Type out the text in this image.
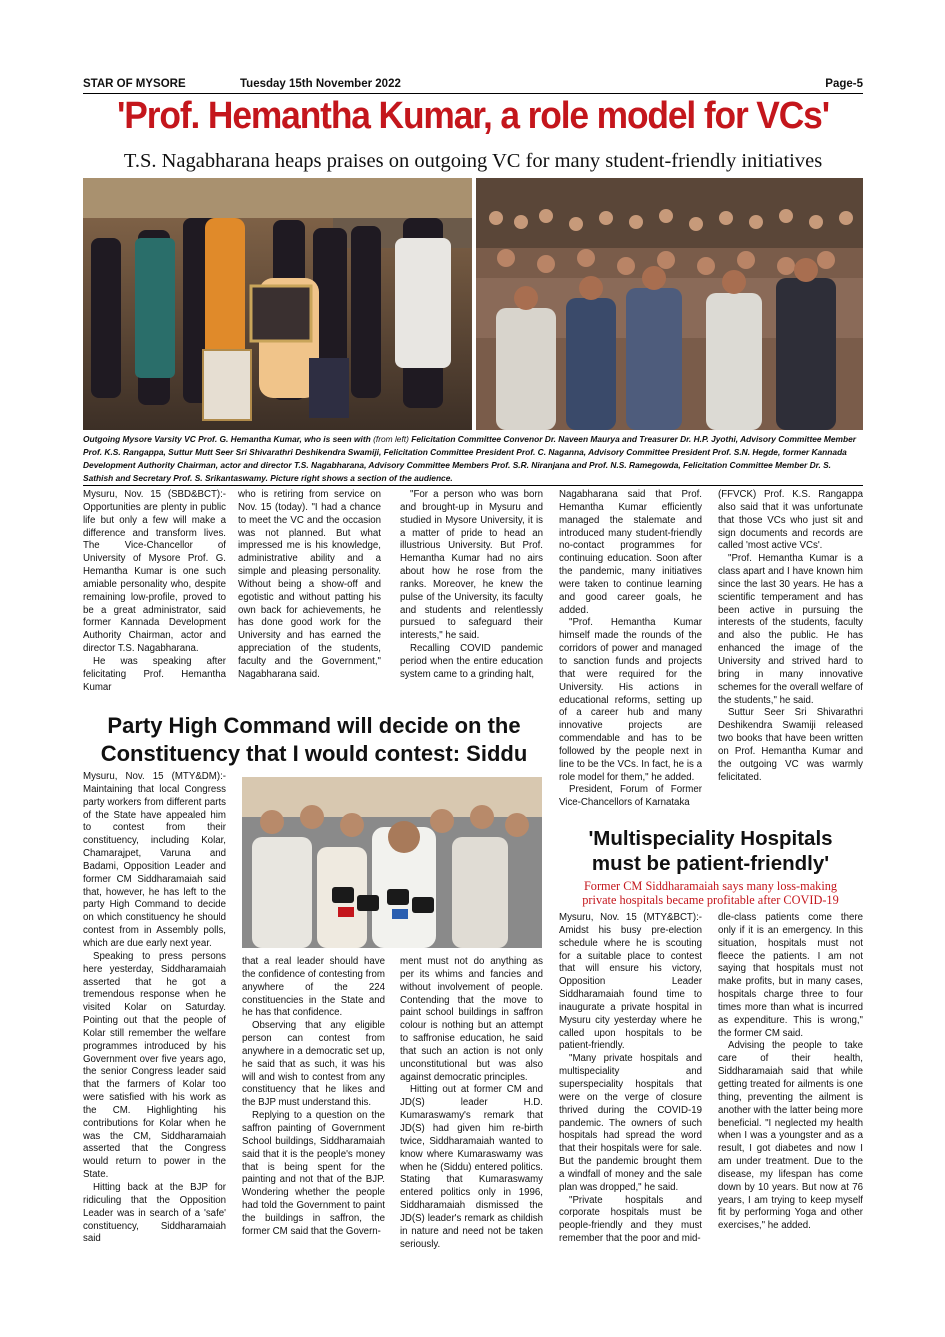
STAR OF MYSORE	Tuesday 15th November 2022	Page-5
'Prof. Hemantha Kumar, a role model for VCs'
T.S. Nagabharana heaps praises on outgoing VC for many student-friendly initiatives
Outgoing Mysore Varsity VC Prof. G. Hemantha Kumar, who is seen with (from left) Felicitation Committee Convenor Dr. Naveen Maurya and Treasurer Dr. H.P. Jyothi, Advisory Committee Member Prof. K.S. Rangappa, Suttur Mutt Seer Sri Shivarathri Deshikendra Swamiji, Felicitation Committee President Prof. C. Naganna, Advisory Committee President Prof. S.N. Hegde, former Kannada Development Authority Chairman, actor and director T.S. Nagabharana, Advisory Committee Members Prof. S.R. Niranjana and Prof. N.S. Ramegowda, Felicitation Committee Member Dr. S. Sathish and Secretary Prof. S. Srikantaswamy. Picture right shows a section of the audience.

Mysuru, Nov. 15 (SBD&BCT):- Opportunities are plenty in public life but only a few will make a difference and transform lives. The Vice-Chancellor of University of Mysore Prof. G. Hemantha Kumar is one such amiable personality who, despite remaining low-profile, proved to be a great administrator, said former Kannada Development Authority Chairman, actor and director T.S. Nagabharana.

He was speaking after felicitating Prof. Hemantha Kumar

who is retiring from service on Nov. 15 (today). "I had a chance to meet the VC and the occasion was not planned. But what impressed me is his knowledge, administrative ability and a simple and pleasing personality. Without being a show-off and egotistic and without patting his own back for achievements, he has done good work for the University and has earned the appreciation of the students, faculty and the Government," Nagabharana said.

"For a person who was born and brought-up in Mysuru and studied in Mysore University, it is a matter of pride to head an illustrious University. But Prof. Hemantha Kumar had no airs about how he rose from the ranks. Moreover, he knew the pulse of the University, its faculty and students and relentlessly pursued to safeguard their interests," he said.

Recalling COVID pandemic period when the entire education system came to a grinding halt,

Nagabharana said that Prof. Hemantha Kumar efficiently managed the stalemate and introduced many student-friendly no-contact programmes for continuing education. Soon after the pandemic, many initiatives were taken to continue learning and good career goals, he added.

"Prof. Hemantha Kumar himself made the rounds of the corridors of power and managed to sanction funds and projects that were required for the University. His actions in educational reforms, setting up of a career hub and many innovative projects are commendable and has to be followed by the people next in line to be the VCs. In fact, he is a role model for them," he added.

President, Forum of Former Vice-Chancellors of Karnataka

(FFVCK) Prof. K.S. Rangappa also said that it was unfortunate that those VCs who just sit and sign documents and records are called 'most active VCs'.

"Prof. Hemantha Kumar is a class apart and I have known him since the last 30 years. He has a scientific temperament and has been active in pursuing the interests of the students, faculty and also the public. He has enhanced the image of the University and strived hard to bring in many innovative schemes for the overall welfare of the students," he said.

Suttur Seer Sri Shivarathri Deshikendra Swamiji released two books that have been written on Prof. Hemantha Kumar and the outgoing VC was warmly felicitated.

Party High Command will decide on the
Constituency that I would contest: Siddu

Mysuru, Nov. 15 (MTY&DM):- Maintaining that local Congress party workers from different parts of the State have appealed him to contest from their constituency, including Kolar, Chamarajpet, Varuna and Badami, Opposition Leader and former CM Siddharamaiah said that, however, he has left to the party High Command to decide on which constituency he should contest from in Assembly polls, which are due early next year.

Speaking to press persons here yesterday, Siddharamaiah asserted that he got a tremendous response when he visited Kolar on Saturday. Pointing out that the people of Kolar still remember the welfare programmes introduced by his Government over five years ago, the senior Congress leader said that the farmers of Kolar too were satisfied with his work as the CM. Highlighting his contributions for Kolar when he was the CM, Siddharamaiah asserted that the Congress would return to power in the State.

Hitting back at the BJP for ridiculing that the Opposition Leader was in search of a 'safe' constituency, Siddharamaiah said

that a real leader should have the confidence of contesting from anywhere of the 224 constituencies in the State and he has that confidence.

Observing that any eligible person can contest from anywhere in a democratic set up, he said that as such, it was his will and wish to contest from any constituency that he likes and the BJP must understand this.

Replying to a question on the saffron painting of Government School buildings, Siddharamaiah said that it is the people's money that is being spent for the painting and not that of the BJP. Wondering whether the people had told the Government to paint the buildings in saffron, the former CM said that the Govern-

ment must not do anything as per its whims and fancies and without involvement of people. Contending that the move to paint school buildings in saffron colour is nothing but an attempt to saffronise education, he said that such an action is not only unconstitutional but was also against democratic principles.

Hitting out at former CM and JD(S) leader H.D. Kumaraswamy's remark that JD(S) had given him re-birth twice, Siddharamaiah wanted to know where Kumaraswamy was when he (Siddu) entered politics. Stating that Kumaraswamy entered politics only in 1996, Siddharamaiah dismissed the JD(S) leader's remark as childish in nature and need not be taken seriously.

'Multispeciality Hospitals
must be patient-friendly'
Former CM Siddharamaiah says many loss-making
private hospitals became profitable after COVID-19

Mysuru, Nov. 15 (MTY&BCT):- Amidst his busy pre-election schedule where he is scouting for a suitable place to contest that will ensure his victory, Opposition Leader Siddharamaiah found time to inaugurate a private hospital in Mysuru city yesterday where he called upon hospitals to be patient-friendly.

"Many private hospitals and multispeciality and superspeciality hospitals that were on the verge of closure thrived during the COVID-19 pandemic. The owners of such hospitals had spread the word that their hospitals were for sale. But the pandemic brought them a windfall of money and the sale plan was dropped," he said.

"Private hospitals and corporate hospitals must be people-friendly and they must remember that the poor and mid-

dle-class patients come there only if it is an emergency. In this situation, hospitals must not fleece the patients. I am not saying that hospitals must not make profits, but in many cases, hospitals charge three to four times more than what is incurred as expenditure. This is wrong," the former CM said.

Advising the people to take care of their health, Siddharamaiah said that while getting treated for ailments is one thing, preventing the ailment is another with the latter being more beneficial. "I neglected my health when I was a youngster and as a result, I got diabetes and now I am under treatment. Due to the disease, my lifespan has come down by 10 years. But now at 76 years, I am trying to keep myself fit by performing Yoga and other exercises," he added.
